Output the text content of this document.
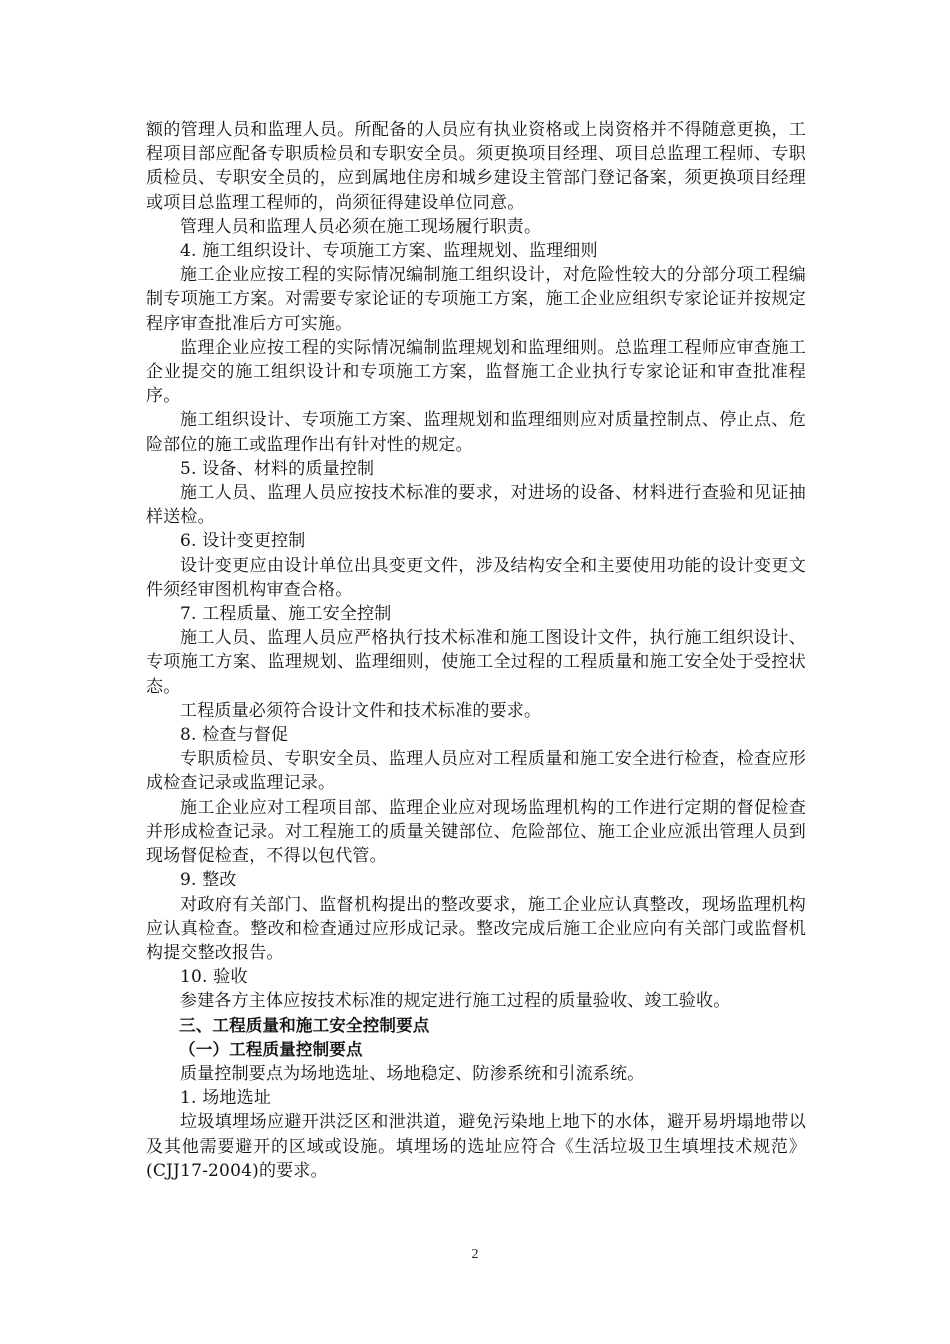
额的管理人员和监理人员。所配备的人员应有执业资格或上岗资格并不得随意更换，工程项目部应配备专职质检员和专职安全员。须更换项目经理、项目总监理工程师、专职质检员、专职安全员的，应到属地住房和城乡建设主管部门登记备案，须更换项目经理或项目总监理工程师的，尚须征得建设单位同意。

管理人员和监理人员必须在施工现场履行职责。

4. 施工组织设计、专项施工方案、监理规划、监理细则

施工企业应按工程的实际情况编制施工组织设计，对危险性较大的分部分项工程编制专项施工方案。对需要专家论证的专项施工方案，施工企业应组织专家论证并按规定程序审查批准后方可实施。

监理企业应按工程的实际情况编制监理规划和监理细则。总监理工程师应审查施工企业提交的施工组织设计和专项施工方案，监督施工企业执行专家论证和审查批准程序。

施工组织设计、专项施工方案、监理规划和监理细则应对质量控制点、停止点、危险部位的施工或监理作出有针对性的规定。

5. 设备、材料的质量控制

施工人员、监理人员应按技术标准的要求，对进场的设备、材料进行查验和见证抽样送检。

6. 设计变更控制

设计变更应由设计单位出具变更文件，涉及结构安全和主要使用功能的设计变更文件须经审图机构审查合格。

7. 工程质量、施工安全控制

施工人员、监理人员应严格执行技术标准和施工图设计文件，执行施工组织设计、专项施工方案、监理规划、监理细则，使施工全过程的工程质量和施工安全处于受控状态。

工程质量必须符合设计文件和技术标准的要求。

8. 检查与督促

专职质检员、专职安全员、监理人员应对工程质量和施工安全进行检查，检查应形成检查记录或监理记录。

施工企业应对工程项目部、监理企业应对现场监理机构的工作进行定期的督促检查并形成检查记录。对工程施工的质量关键部位、危险部位、施工企业应派出管理人员到现场督促检查，不得以包代管。

9. 整改

对政府有关部门、监督机构提出的整改要求，施工企业应认真整改，现场监理机构应认真检查。整改和检查通过应形成记录。整改完成后施工企业应向有关部门或监督机构提交整改报告。

10. 验收

参建各方主体应按技术标准的规定进行施工过程的质量验收、竣工验收。

三、工程质量和施工安全控制要点

（一）工程质量控制要点

质量控制要点为场地选址、场地稳定、防渗系统和引流系统。

1. 场地选址

垃圾填埋场应避开洪泛区和泄洪道，避免污染地上地下的水体，避开易坍塌地带以及其他需要避开的区域或设施。填埋场的选址应符合《生活垃圾卫生填埋技术规范》(CJJ17-2004)的要求。

2
